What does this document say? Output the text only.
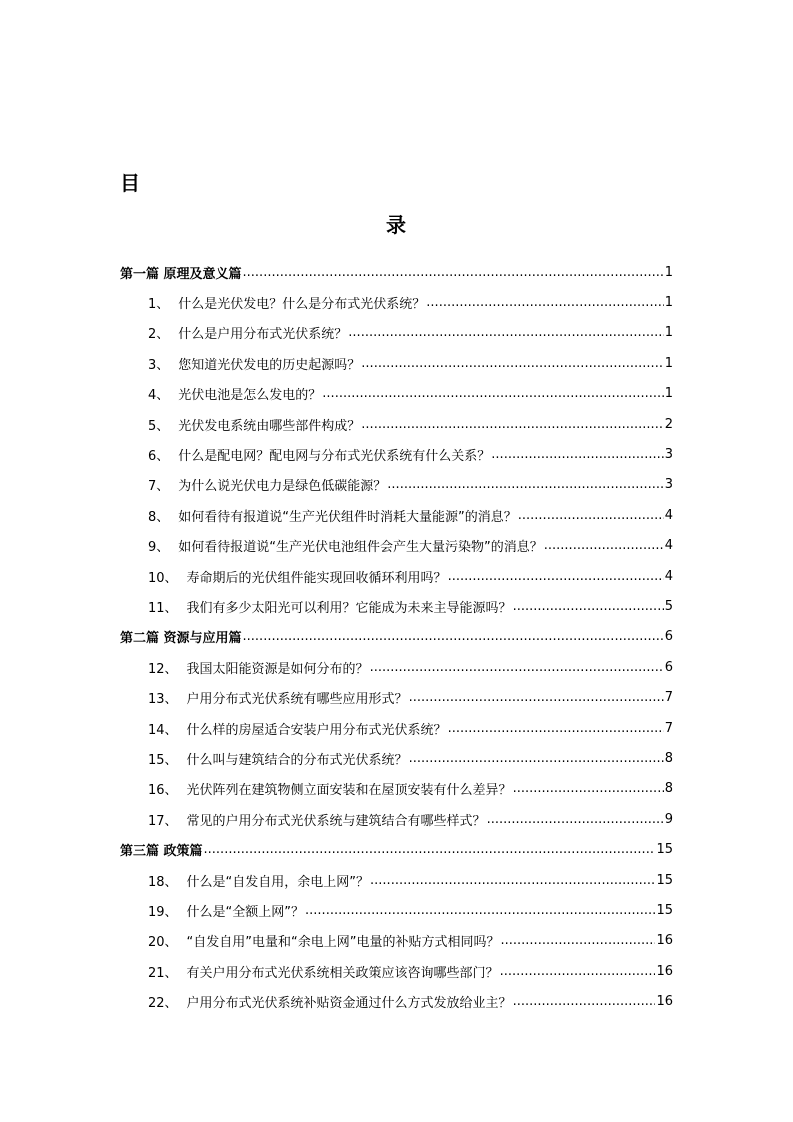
目
录
第一篇 原理及意义篇 .....	1
1、 什么是光伏发电？什么是分布式光伏系统？ .....	1
2、 什么是户用分布式光伏系统？ .....	1
3、 您知道光伏发电的历史起源吗？ .....	1
4、 光伏电池是怎么发电的？ .....	1
5、 光伏发电系统由哪些部件构成？ .....	2
6、 什么是配电网？配电网与分布式光伏系统有什么关系？ .....	3
7、 为什么说光伏电力是绿色低碳能源？ .....	3
8、 如何看待有报道说“生产光伏组件时消耗大量能源”的消息？ .....	4
9、 如何看待报道说“生产光伏电池组件会产生大量污染物”的消息？ .....	4
10、 寿命期后的光伏组件能实现回收循环利用吗？ .....	4
11、 我们有多少太阳光可以利用？它能成为未来主导能源吗？ .....	5
第二篇 资源与应用篇 .....	6
12、 我国太阳能资源是如何分布的？ .....	6
13、 户用分布式光伏系统有哪些应用形式？ .....	7
14、 什么样的房屋适合安装户用分布式光伏系统？ .....	7
15、 什么叫与建筑结合的分布式光伏系统？ .....	8
16、 光伏阵列在建筑物侧立面安装和在屋顶安装有什么差异？ .....	8
17、 常见的户用分布式光伏系统与建筑结合有哪些样式？ .....	9
第三篇 政策篇 .....	15
18、 什么是“自发自用，余电上网”？ .....	15
19、 什么是“全额上网”？ .....	15
20、 “自发自用”电量和“余电上网”电量的补贴方式相同吗？ .....	16
21、 有关户用分布式光伏系统相关政策应该咨询哪些部门？ .....	16
22、 户用分布式光伏系统补贴资金通过什么方式发放给业主？ .....	16
